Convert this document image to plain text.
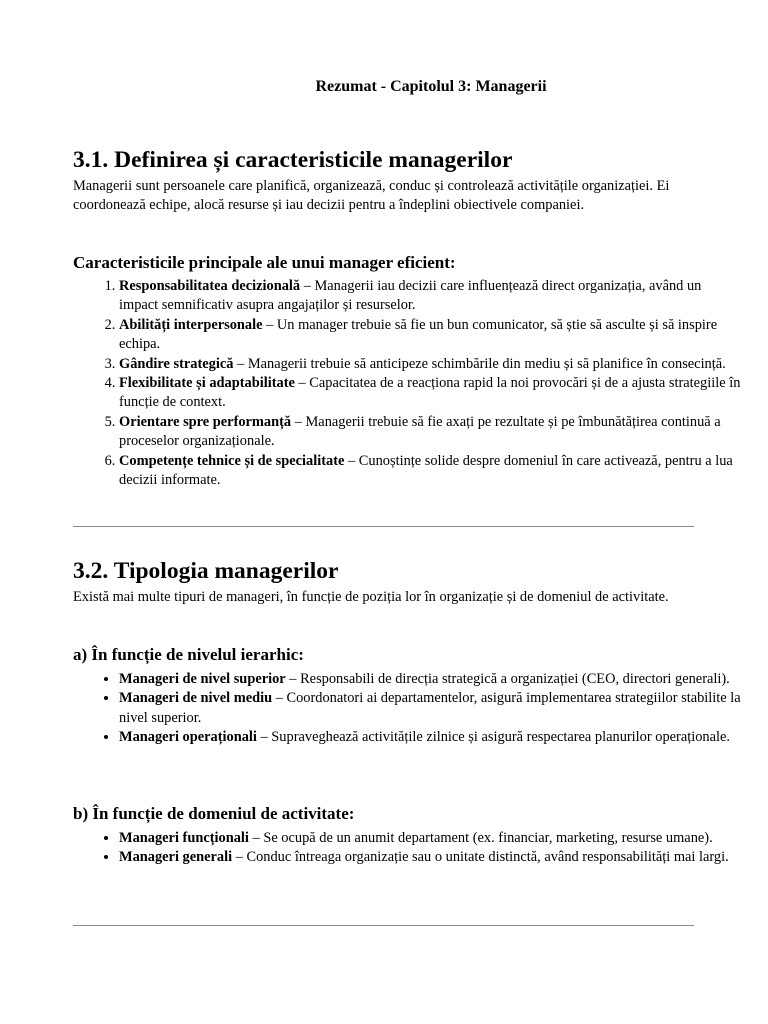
Rezumat - Capitolul 3: Managerii
3.1. Definirea și caracteristicile managerilor

Managerii sunt persoanele care planifică, organizează, conduc și controlează activitățile organizației. Ei coordonează echipe, alocă resurse și iau decizii pentru a îndeplini obiectivele companiei.

Caracteristicile principale ale unui manager eficient:
1. Responsabilitatea decizională – Managerii iau decizii care influențează direct organizația, având un impact semnificativ asupra angajaților și resurselor.
2. Abilități interpersonale – Un manager trebuie să fie un bun comunicator, să știe să asculte și să inspire echipa.
3. Gândire strategică – Managerii trebuie să anticipeze schimbările din mediu și să planifice în consecință.
4. Flexibilitate și adaptabilitate – Capacitatea de a reacționa rapid la noi provocări și de a ajusta strategiile în funcție de context.
5. Orientare spre performanță – Managerii trebuie să fie axați pe rezultate și pe îmbunătățirea continuă a proceselor organizaționale.
6. Competențe tehnice și de specialitate – Cunoștințe solide despre domeniul în care activează, pentru a lua decizii informate.
3.2. Tipologia managerilor

Există mai multe tipuri de manageri, în funcție de poziția lor în organizație și de domeniul de activitate.

a) În funcție de nivelul ierarhic:
• Manageri de nivel superior – Responsabili de direcția strategică a organizației (CEO, directori generali).
• Manageri de nivel mediu – Coordonatori ai departamentelor, asigură implementarea strategiilor stabilite la nivel superior.
• Manageri operaționali – Supraveghează activitățile zilnice și asigură respectarea planurilor operaționale.
b) În funcție de domeniul de activitate:
• Manageri funcționali – Se ocupă de un anumit departament (ex. financiar, marketing, resurse umane).
• Manageri generali – Conduc întreaga organizație sau o unitate distinctă, având responsabilități mai largi.
